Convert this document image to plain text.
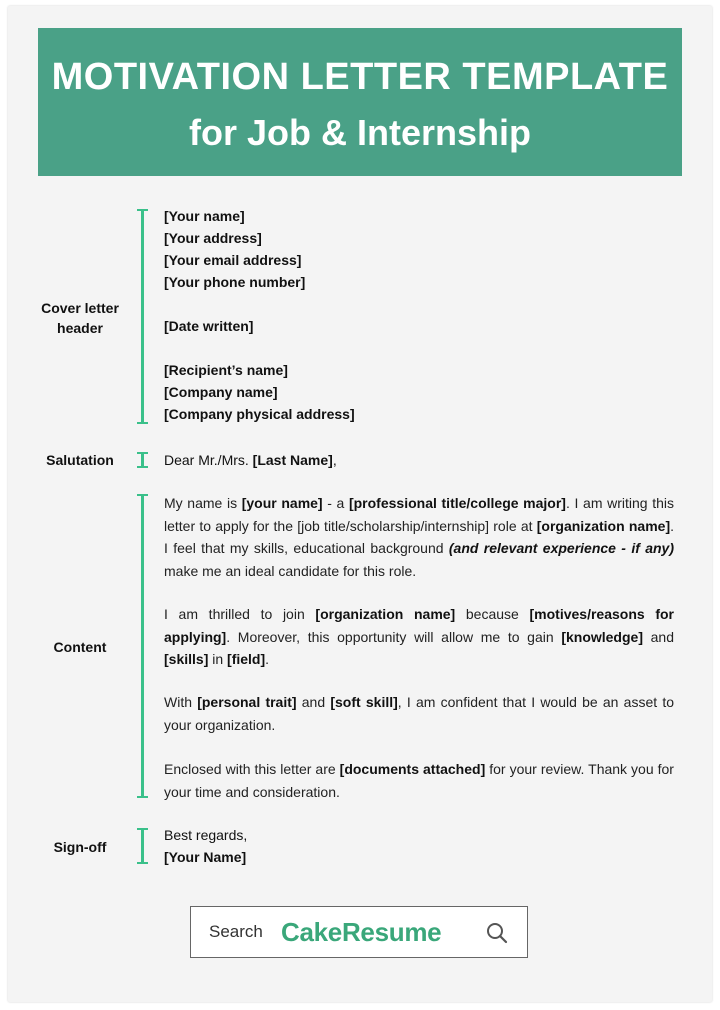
MOTIVATION LETTER TEMPLATE
for Job & Internship
Cover letter
header
[Your name]
[Your address]
[Your email address]
[Your phone number]
[Date written]
[Recipient’s name]
[Company name]
[Company physical address]
Salutation	Dear Mr./Mrs. [Last Name],
Content
My name is [your name] - a [professional title/college major]. I am writing this letter to apply for the [job title/scholarship/internship] role at [organization name]. I feel that my skills, educational background (and relevant experience - if any) make me an ideal candidate for this role.
I am thrilled to join [organization name] because [motives/reasons for applying]. Moreover, this opportunity will allow me to gain [knowledge] and [skills] in [field].
With [personal trait] and [soft skill], I am confident that I would be an asset to your organization.
Enclosed with this letter are [documents attached] for your review. Thank you for your time and consideration.
Sign-off
Best regards,
[Your Name]
Search CakeResume
